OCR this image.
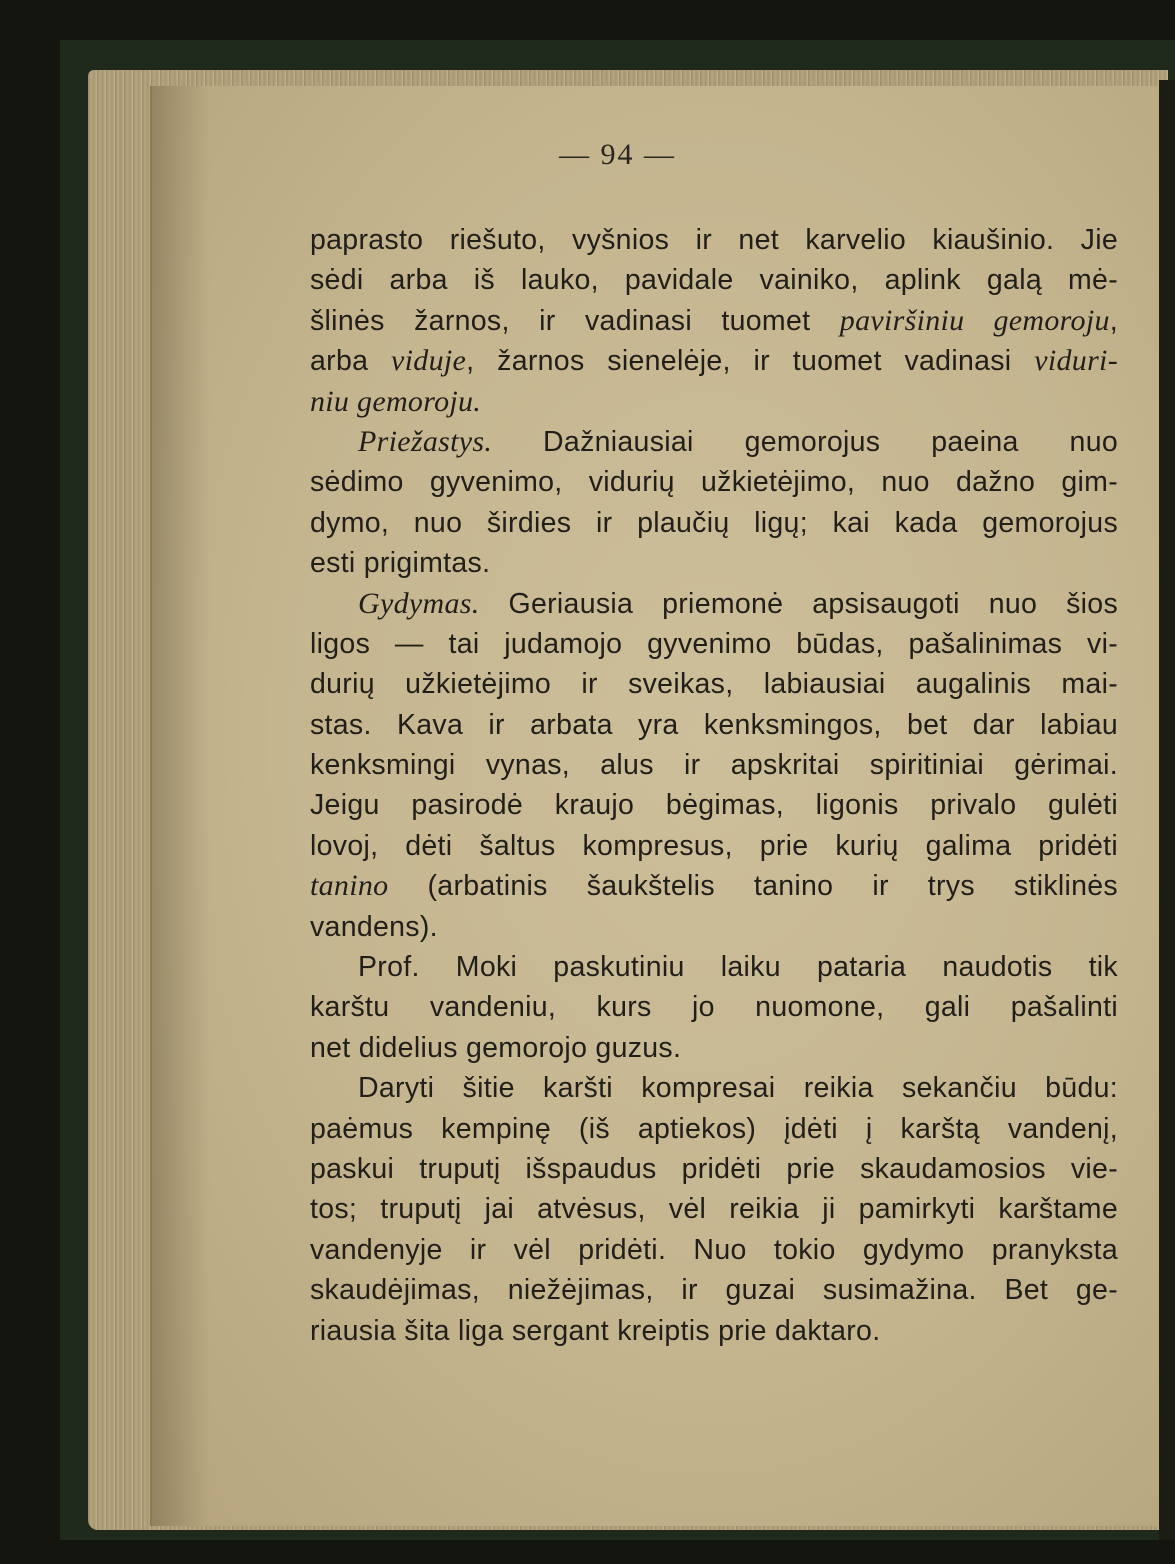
— 94 —
paprasto riešuto, vyšnios ir net karvelio kiaušinio. Jie
sėdi arba iš lauko, pavidale vainiko, aplink galą mė-
šlinės žarnos, ir vadinasi tuomet paviršiniu gemoroju,
arba viduje, žarnos sienelėje, ir tuomet vadinasi viduri-
niu gemoroju.
Priežastys. Dažniausiai gemorojus paeina nuo
sėdimo gyvenimo, vidurių užkietėjimo, nuo dažno gim-
dymo, nuo širdies ir plaučių ligų; kai kada gemorojus
esti prigimtas.
Gydymas. Geriausia priemonė apsisaugoti nuo šios
ligos — tai judamojo gyvenimo būdas, pašalinimas vi-
durių užkietėjimo ir sveikas, labiausiai augalinis mai-
stas. Kava ir arbata yra kenksmingos, bet dar labiau
kenksmingi vynas, alus ir apskritai spiritiniai gėrimai.
Jeigu pasirodė kraujo bėgimas, ligonis privalo gulėti
lovoj, dėti šaltus kompresus, prie kurių galima pridėti
tanino (arbatinis šaukštelis tanino ir trys stiklinės
vandens).
Prof. Moki paskutiniu laiku pataria naudotis tik
karštu vandeniu, kurs jo nuomone, gali pašalinti
net didelius gemorojo guzus.
Daryti šitie karšti kompresai reikia sekančiu būdu:
paėmus kempinę (iš aptiekos) įdėti į karštą vandenį,
paskui truputį išspaudus pridėti prie skaudamosios vie-
tos; truputį jai atvėsus, vėl reikia ji pamirkyti karštame
vandenyje ir vėl pridėti. Nuo tokio gydymo pranyksta
skaudėjimas, niežėjimas, ir guzai susimažina. Bet ge-
riausia šita liga sergant kreiptis prie daktaro.
